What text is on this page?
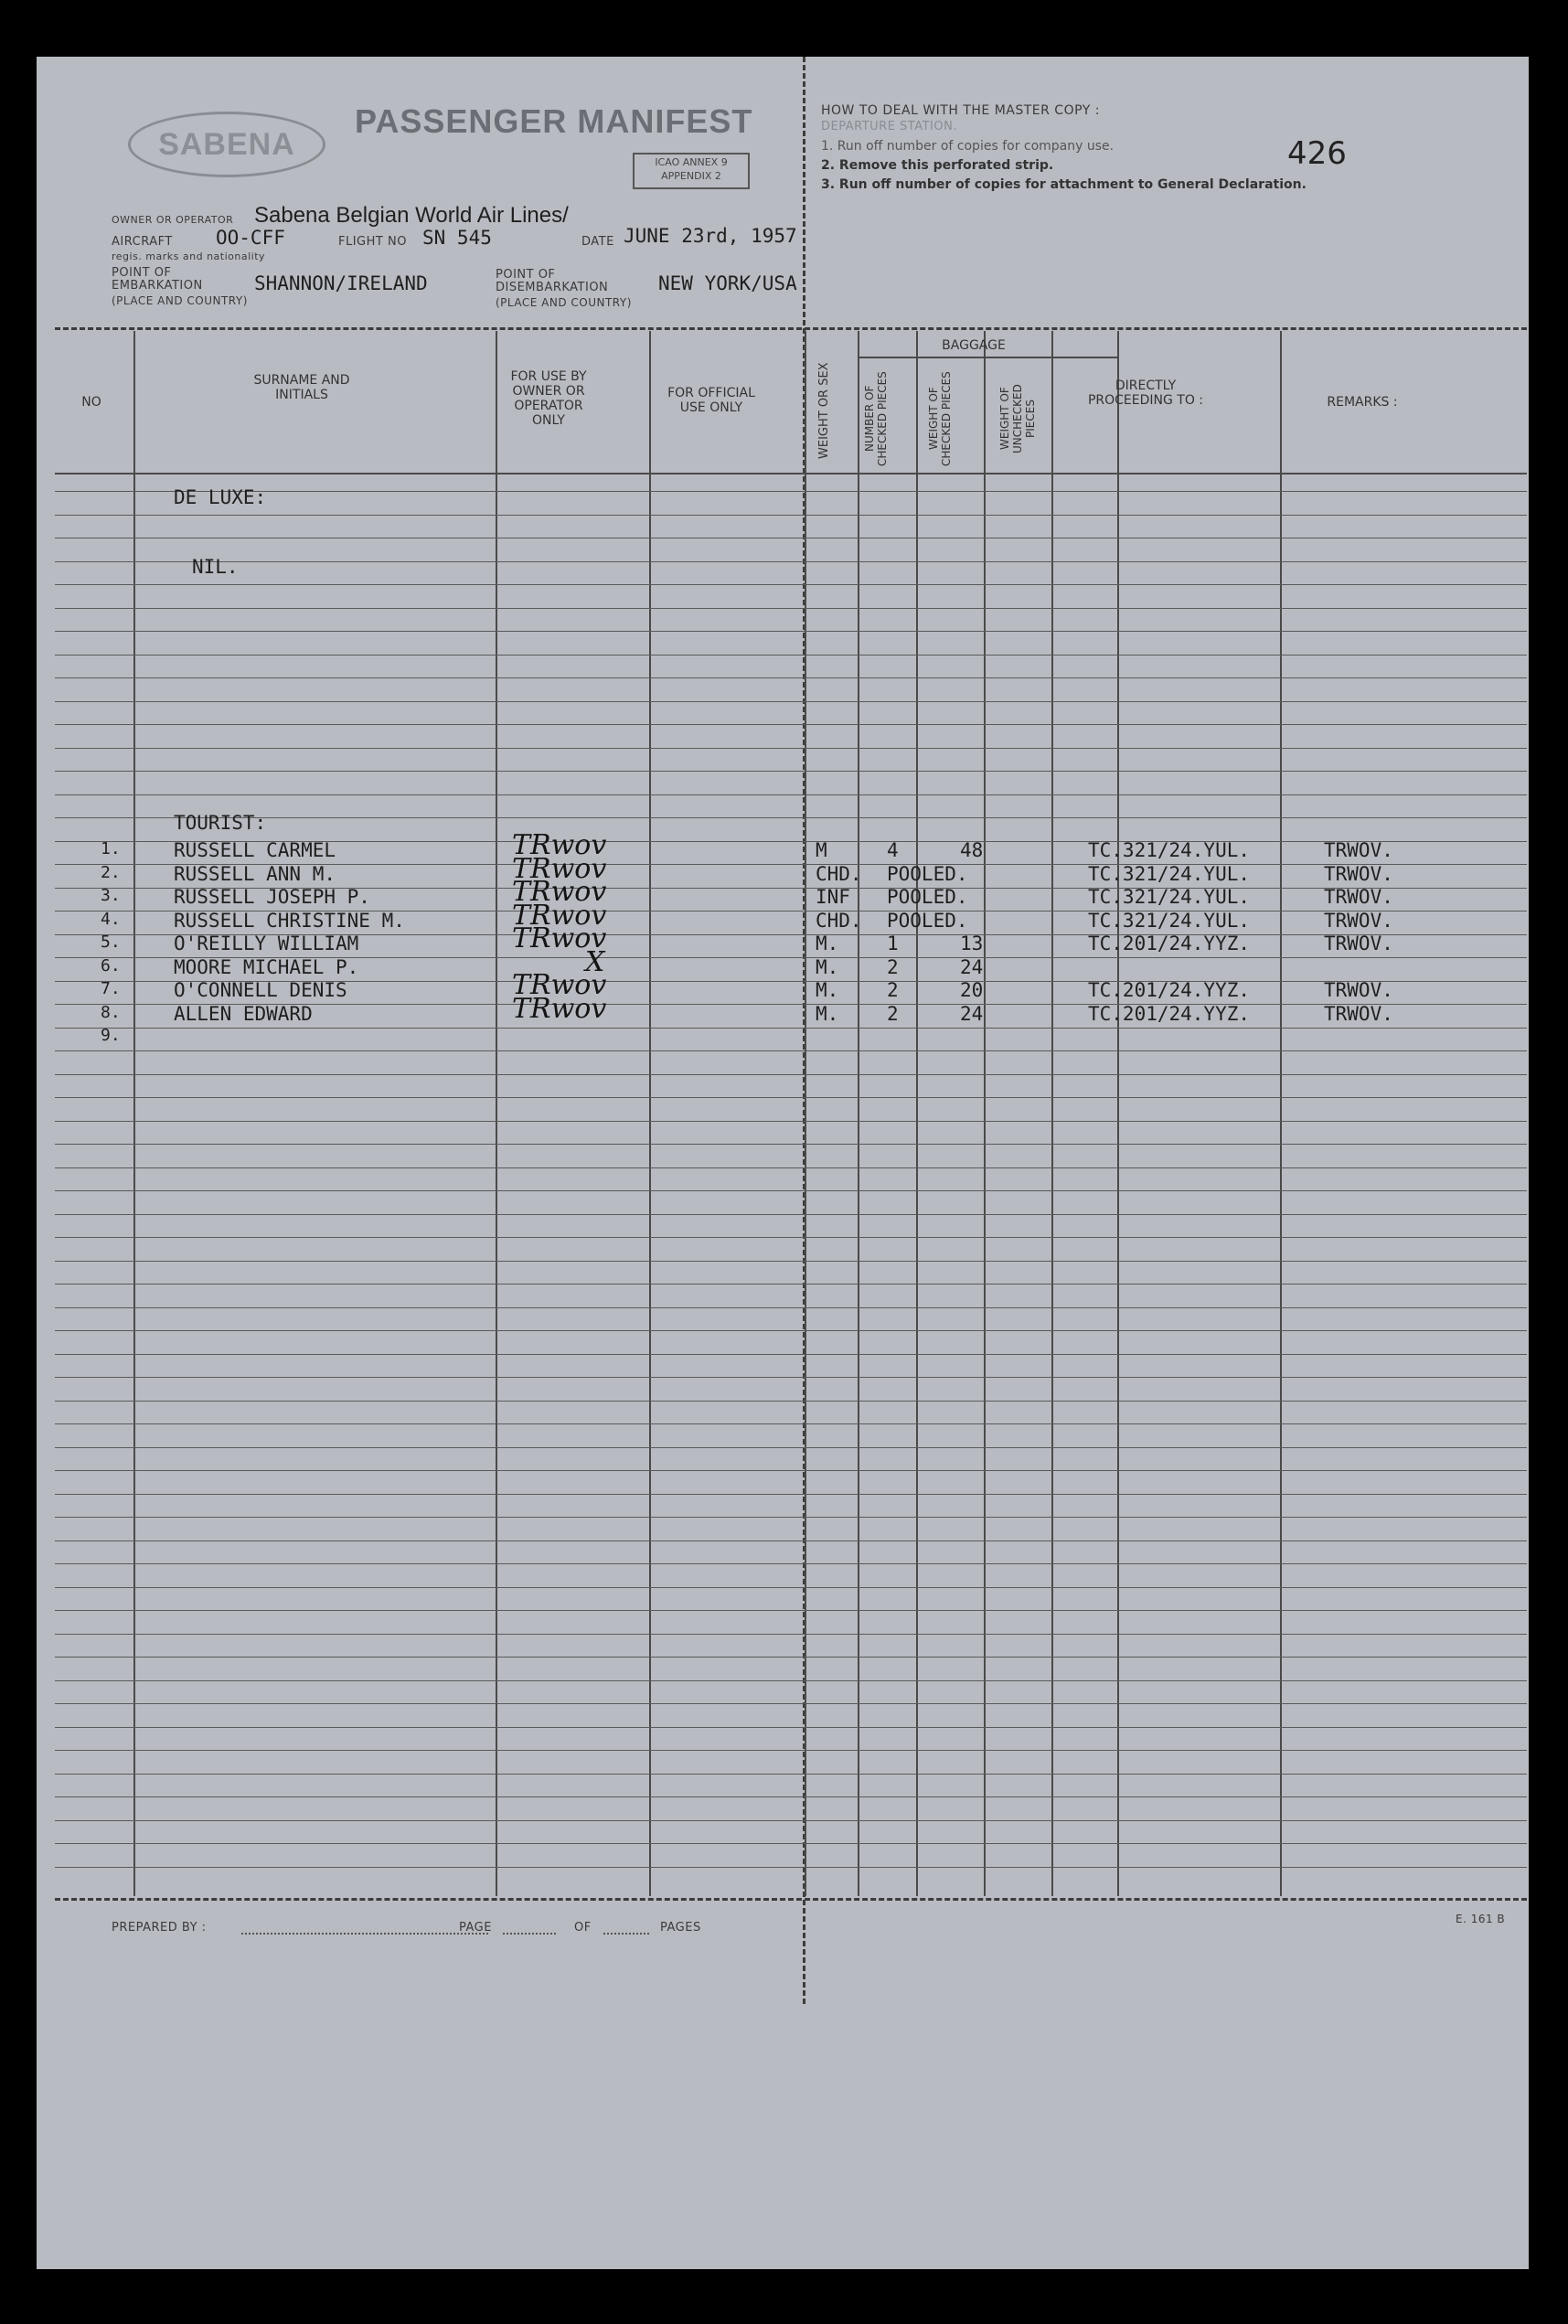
SABENA
PASSENGER MANIFEST
ICAO ANNEX 9 APPENDIX 2
HOW TO DEAL WITH THE MASTER COPY :
DEPARTURE STATION.
1. Run off number of copies for company use.
2. Remove this perforated strip.
3. Run off number of copies for attachment to General Declaration.
426
OWNER OR OPERATOR Sabena Belgian World Air Lines/
AIRCRAFT
regis. marks and nationality
OO-CFF	FLIGHT NO SN 545	DATE JUNE 23rd, 1957
POINT OF EMBARKATION
(PLACE AND COUNTRY)
SHANNON/IRELAND	POINT OF DISEMBARKATION
(PLACE AND COUNTRY)
NEW YORK/USA
NO
SURNAME AND INITIALS
FOR USE BY OWNER OR OPERATOR ONLY
FOR OFFICIAL USE ONLY	WEIGHT OR SEX
BAGGAGE
NUMBER OF CHECKED PIECES	WEIGHT OF CHECKED PIECES	WEIGHT OF UNCHECKED PIECES
DIRECTLY PROCEEDING TO :	REMARKS :
DE LUXE:
NIL.
TOURIST:
1.	RUSSELL CARMEL	TRwov	M	4	48	TC.321/24.YUL.	TRWOV.
2.	RUSSELL ANN M.	TRwov	CHD. POOLED.	TC.321/24.YUL.	TRWOV.
3.	RUSSELL JOSEPH P.	TRwov	INF POOLED.	TC.321/24.YUL.	TRWOV.
4.	RUSSELL CHRISTINE M.	TRwov	CHD. POOLED.	TC.321/24.YUL.	TRWOV.
5.	O'REILLY WILLIAM	TRwov	M.	1	13	TC.201/24.YYZ.	TRWOV.
6.	MOORE MICHAEL P.	X	M.	2	24
7.	O'CONNELL DENIS	TRwov	M.	2	20	TC.201/24.YYZ.	TRWOV.
8.	ALLEN EDWARD	TRwov	M.	2	24	TC.201/24.YYZ.	TRWOV.
9.
PREPARED BY :	PAGE	OF	PAGES
E. 161 B
